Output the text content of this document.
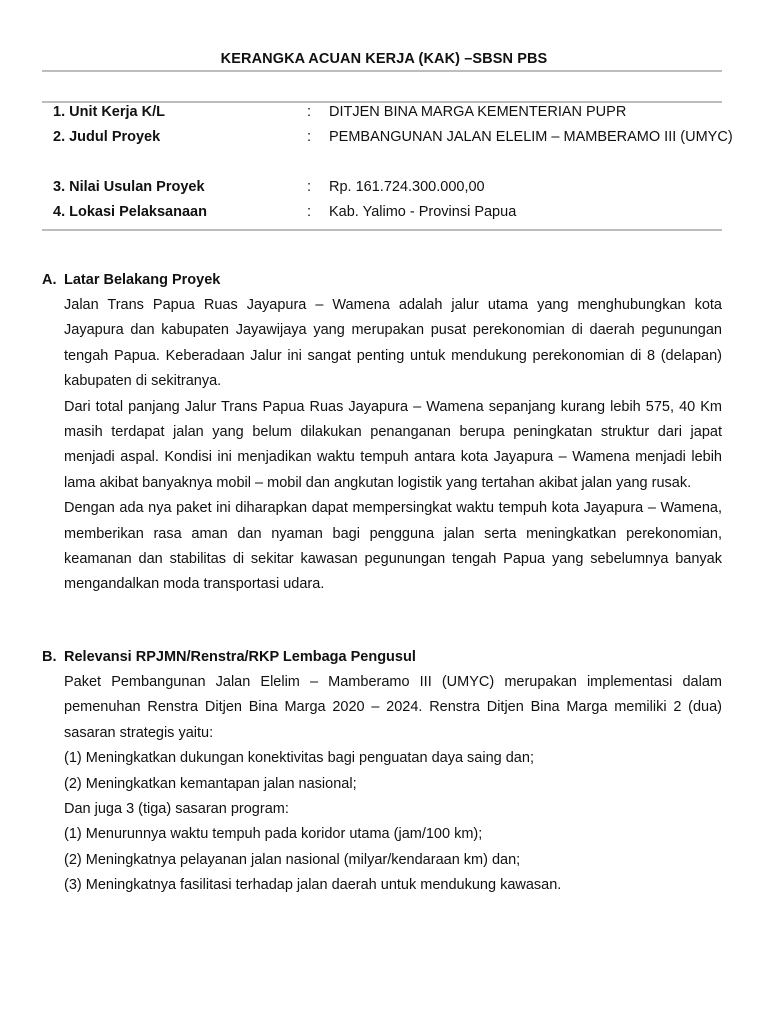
KERANGKA ACUAN KERJA (KAK) –SBSN PBS
1. Unit Kerja K/L	: DITJEN BINA MARGA KEMENTERIAN PUPR
2. Judul Proyek	: PEMBANGUNAN JALAN ELELIM – MAMBERAMO III (UMYC)
3. Nilai Usulan Proyek	: Rp. 161.724.300.000,00
4. Lokasi Pelaksanaan	: Kab. Yalimo - Provinsi Papua
A. Latar Belakang Proyek

Jalan Trans Papua Ruas Jayapura – Wamena adalah jalur utama yang menghubungkan kota Jayapura dan kabupaten Jayawijaya yang merupakan pusat perekonomian di daerah pegunungan tengah Papua. Keberadaan Jalur ini sangat penting untuk mendukung perekonomian di 8 (delapan) kabupaten di sekitranya.

Dari total panjang Jalur Trans Papua Ruas Jayapura – Wamena sepanjang kurang lebih 575, 40 Km masih terdapat jalan yang belum dilakukan penanganan berupa peningkatan struktur dari japat menjadi aspal. Kondisi ini menjadikan waktu tempuh antara kota Jayapura – Wamena menjadi lebih lama akibat banyaknya mobil – mobil dan angkutan logistik yang tertahan akibat jalan yang rusak.

Dengan ada nya paket ini diharapkan dapat mempersingkat waktu tempuh kota Jayapura – Wamena, memberikan rasa aman dan nyaman bagi pengguna jalan serta meningkatkan perekonomian, keamanan dan stabilitas di sekitar kawasan pegunungan tengah Papua yang sebelumnya banyak mengandalkan moda transportasi udara.

B. Relevansi RPJMN/Renstra/RKP Lembaga Pengusul

Paket Pembangunan Jalan Elelim – Mamberamo III (UMYC) merupakan implementasi dalam pemenuhan Renstra Ditjen Bina Marga 2020 – 2024. Renstra Ditjen Bina Marga memiliki 2 (dua) sasaran strategis yaitu:

(1) Meningkatkan dukungan konektivitas bagi penguatan daya saing dan;
(2) Meningkatkan kemantapan jalan nasional;
Dan juga 3 (tiga) sasaran program:
(1) Menurunnya waktu tempuh pada koridor utama (jam/100 km);
(2) Meningkatnya pelayanan jalan nasional (milyar/kendaraan km) dan;
(3) Meningkatnya fasilitasi terhadap jalan daerah untuk mendukung kawasan.
